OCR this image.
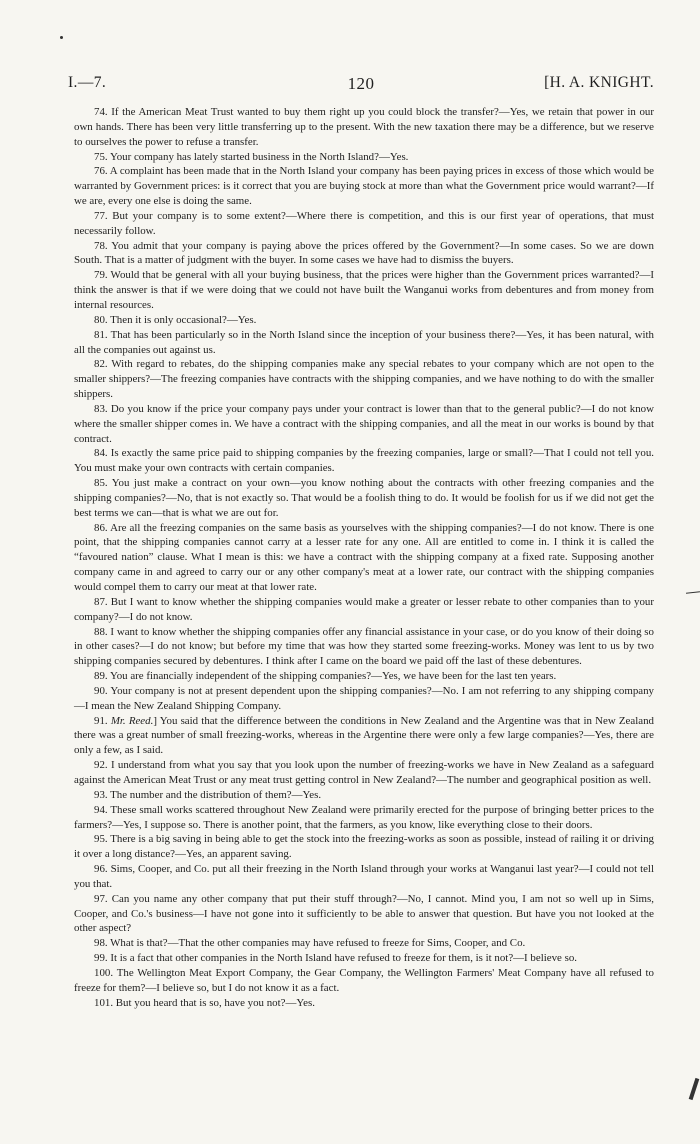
I.—7.	120	[H. A. KNIGHT.

74. If the American Meat Trust wanted to buy them right up you could block the transfer?—Yes, we retain that power in our own hands. There has been very little transferring up to the present. With the new taxation there may be a difference, but we reserve to ourselves the power to refuse a transfer.

75. Your company has lately started business in the North Island?—Yes.

76. A complaint has been made that in the North Island your company has been paying prices in excess of those which would be warranted by Government prices: is it correct that you are buying stock at more than what the Government price would warrant?—If we are, every one else is doing the same.

77. But your company is to some extent?—Where there is competition, and this is our first year of operations, that must necessarily follow.

78. You admit that your company is paying above the prices offered by the Government?—In some cases. So we are down South. That is a matter of judgment with the buyer. In some cases we have had to dismiss the buyers.

79. Would that be general with all your buying business, that the prices were higher than the Government prices warranted?—I think the answer is that if we were doing that we could not have built the Wanganui works from debentures and from money from internal resources.

80. Then it is only occasional?—Yes.

81. That has been particularly so in the North Island since the inception of your business there?—Yes, it has been natural, with all the companies out against us.

82. With regard to rebates, do the shipping companies make any special rebates to your company which are not open to the smaller shippers?—The freezing companies have contracts with the shipping companies, and we have nothing to do with the smaller shippers.

83. Do you know if the price your company pays under your contract is lower than that to the general public?—I do not know where the smaller shipper comes in. We have a contract with the shipping companies, and all the meat in our works is bound by that contract.

84. Is exactly the same price paid to shipping companies by the freezing companies, large or small?—That I could not tell you. You must make your own contracts with certain companies.

85. You just make a contract on your own—you know nothing about the contracts with other freezing companies and the shipping companies?—No, that is not exactly so. That would be a foolish thing to do. It would be foolish for us if we did not get the best terms we can—that is what we are out for.

86. Are all the freezing companies on the same basis as yourselves with the shipping companies?—I do not know. There is one point, that the shipping companies cannot carry at a lesser rate for any one. All are entitled to come in. I think it is called the “favoured nation” clause. What I mean is this: we have a contract with the shipping company at a fixed rate. Supposing another company came in and agreed to carry our or any other company's meat at a lower rate, our contract with the shipping companies would compel them to carry our meat at that lower rate.

87. But I want to know whether the shipping companies would make a greater or lesser rebate to other companies than to your company?—I do not know.

88. I want to know whether the shipping companies offer any financial assistance in your case, or do you know of their doing so in other cases?—I do not know; but before my time that was how they started some freezing-works. Money was lent to us by two shipping companies secured by debentures. I think after I came on the board we paid off the last of these debentures.

89. You are financially independent of the shipping companies?—Yes, we have been for the last ten years.

90. Your company is not at present dependent upon the shipping companies?—No. I am not referring to any shipping company—I mean the New Zealand Shipping Company.

91. Mr. Reed.] You said that the difference between the conditions in New Zealand and the Argentine was that in New Zealand there was a great number of small freezing-works, whereas in the Argentine there were only a few large companies?—Yes, there are only a few, as I said.

92. I understand from what you say that you look upon the number of freezing-works we have in New Zealand as a safeguard against the American Meat Trust or any meat trust getting control in New Zealand?—The number and geographical position as well.

93. The number and the distribution of them?—Yes.

94. These small works scattered throughout New Zealand were primarily erected for the purpose of bringing better prices to the farmers?—Yes, I suppose so. There is another point, that the farmers, as you know, like everything close to their doors.

95. There is a big saving in being able to get the stock into the freezing-works as soon as possible, instead of railing it or driving it over a long distance?—Yes, an apparent saving.

96. Sims, Cooper, and Co. put all their freezing in the North Island through your works at Wanganui last year?—I could not tell you that.

97. Can you name any other company that put their stuff through?—No, I cannot. Mind you, I am not so well up in Sims, Cooper, and Co.'s business—I have not gone into it sufficiently to be able to answer that question. But have you not looked at the other aspect?

98. What is that?—That the other companies may have refused to freeze for Sims, Cooper, and Co.

99. It is a fact that other companies in the North Island have refused to freeze for them, is it not?—I believe so.

100. The Wellington Meat Export Company, the Gear Company, the Wellington Farmers' Meat Company have all refused to freeze for them?—I believe so, but I do not know it as a fact.

101. But you heard that is so, have you not?—Yes.
